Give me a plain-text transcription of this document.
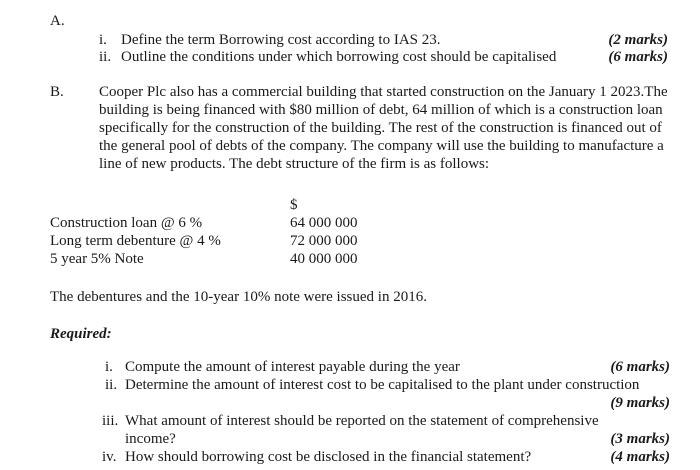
A.
i. Define the term Borrowing cost according to IAS 23.	(2 marks)
ii. Outline the conditions under which borrowing cost should be capitalised	(6 marks)
B. Cooper Plc also has a commercial building that started construction on the January 1 2023.The building is being financed with $80 million of debt, 64 million of which is a construction loan specifically for the construction of the building. The rest of the construction is financed out of the general pool of debts of the company. The company will use the building to manufacture a line of new products. The debt structure of the firm is as follows:
$
Construction loan @ 6 %	64 000 000
Long term debenture @ 4 %	72 000 000
5 year 5% Note	40 000 000
The debentures and the 10-year 10% note were issued in 2016.
Required:
i. Compute the amount of interest payable during the year	(6 marks)
ii. Determine the amount of interest cost to be capitalised to the plant under construction
(9 marks)
iii. What amount of interest should be reported on the statement of comprehensive
income?	(3 marks)
iv. How should borrowing cost be disclosed in the financial statement?	(4 marks)
